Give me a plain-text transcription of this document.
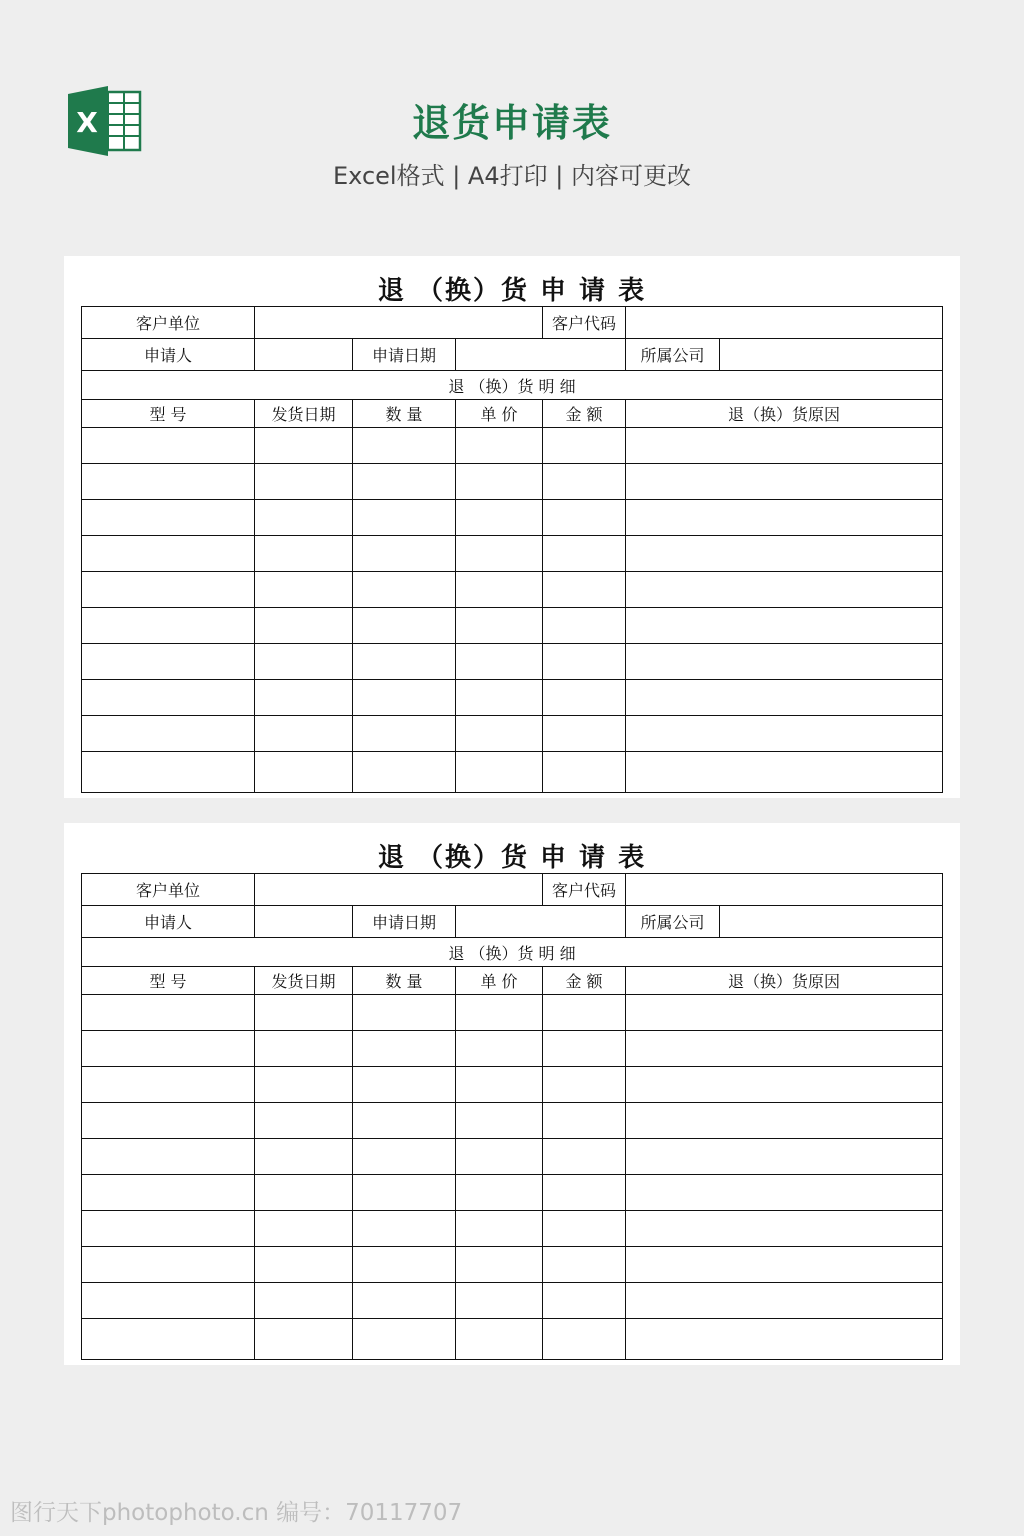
X	退货申请表
Excel格式 | A4打印 | 内容可更改
退 （换）货 申 请 表
客户单位				客户代码		
申请人		申请日期			所属公司	
退 （换）货 明 细						
型 号	发货日期	数 量	单 价	金 额	退（换）货原因	

退 （换）货 申 请 表
客户单位				客户代码		
申请人		申请日期			所属公司	
退 （换）货 明 细						
型 号	发货日期	数 量	单 价	金 额	退（换）货原因	

图行天下photophoto.cn 编号：70117707
